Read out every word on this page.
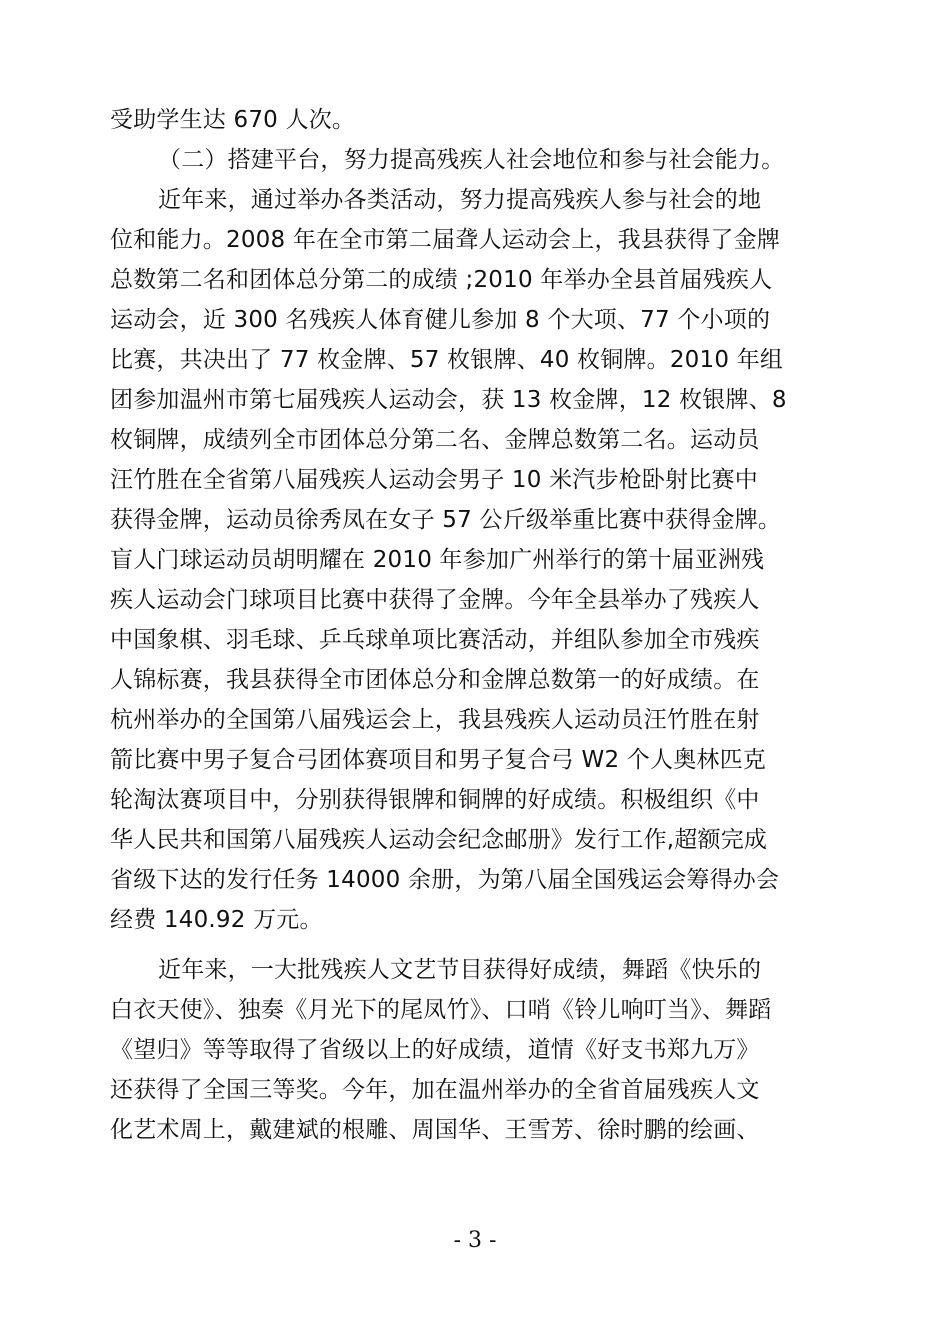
受助学生达 670 人次。
（二）搭建平台，努力提高残疾人社会地位和参与社会能力。
近年来，通过举办各类活动，努力提高残疾人参与社会的地
位和能力。2008 年在全市第二届聋人运动会上，我县获得了金牌
总数第二名和团体总分第二的成绩 ;2010 年举办全县首届残疾人
运动会，近 300 名残疾人体育健儿参加 8 个大项、77 个小项的
比赛，共决出了 77 枚金牌、57 枚银牌、40 枚铜牌。2010 年组
团参加温州市第七届残疾人运动会，获 13 枚金牌，12 枚银牌、8
枚铜牌，成绩列全市团体总分第二名、金牌总数第二名。运动员
汪竹胜在全省第八届残疾人运动会男子 10 米汽步枪卧射比赛中
获得金牌，运动员徐秀凤在女子 57 公斤级举重比赛中获得金牌。
盲人门球运动员胡明耀在 2010 年参加广州举行的第十届亚洲残
疾人运动会门球项目比赛中获得了金牌。今年全县举办了残疾人
中国象棋、羽毛球、乒乓球单项比赛活动，并组队参加全市残疾
人锦标赛，我县获得全市团体总分和金牌总数第一的好成绩。在
杭州举办的全国第八届残运会上，我县残疾人运动员汪竹胜在射
箭比赛中男子复合弓团体赛项目和男子复合弓 W2 个人奥林匹克
轮淘汰赛项目中，分别获得银牌和铜牌的好成绩。积极组织《中
华人民共和国第八届残疾人运动会纪念邮册》发行工作,超额完成
省级下达的发行任务 14000 余册，为第八届全国残运会筹得办会
经费 140.92 万元。
近年来，一大批残疾人文艺节目获得好成绩，舞蹈《快乐的
白衣天使》、独奏《月光下的尾凤竹》、口哨《铃儿响叮当》、舞蹈
《望归》等等取得了省级以上的好成绩，道情《好支书郑九万》
还获得了全国三等奖。今年，加在温州举办的全省首届残疾人文
化艺术周上，戴建斌的根雕、周国华、王雪芳、徐时鹏的绘画、
- 3 -
